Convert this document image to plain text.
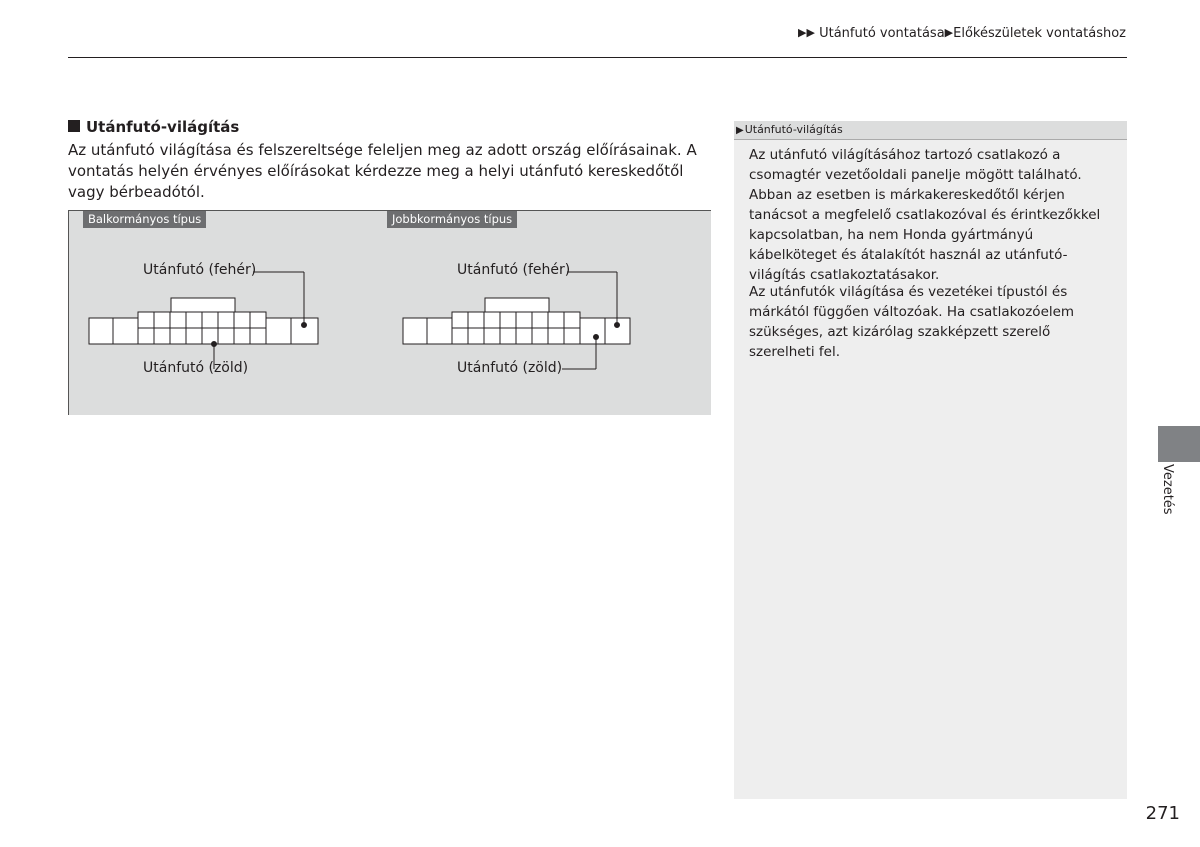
▶▶ Utánfutó vontatása▶Előkészületek vontatáshoz
Utánfutó-világítás
Az utánfutó világítása és felszereltsége feleljen meg az adott ország előírásainak. A vontatás helyén érvényes előírásokat kérdezze meg a helyi utánfutó kereskedőtől vagy bérbeadótól.
Balkormányos típus	Jobbkormányos típus
Utánfutó (fehér)
Utánfutó (zöld)
Utánfutó (fehér)
Utánfutó (zöld)
▶Utánfutó-világítás
Az utánfutó világításához tartozó csatlakozó a csomagtér vezetőoldali panelje mögött található.
Abban az esetben is márkakereskedőtől kérjen tanácsot a megfelelő csatlakozóval és érintkezőkkel kapcsolatban, ha nem Honda gyártmányú kábelköteget és átalakítót használ az utánfutó-világítás csatlakoztatásakor.
Az utánfutók világítása és vezetékei típustól és márkától függően változóak. Ha csatlakozóelem szükséges, azt kizárólag szakképzett szerelő szerelheti fel.
Vezetés
271
